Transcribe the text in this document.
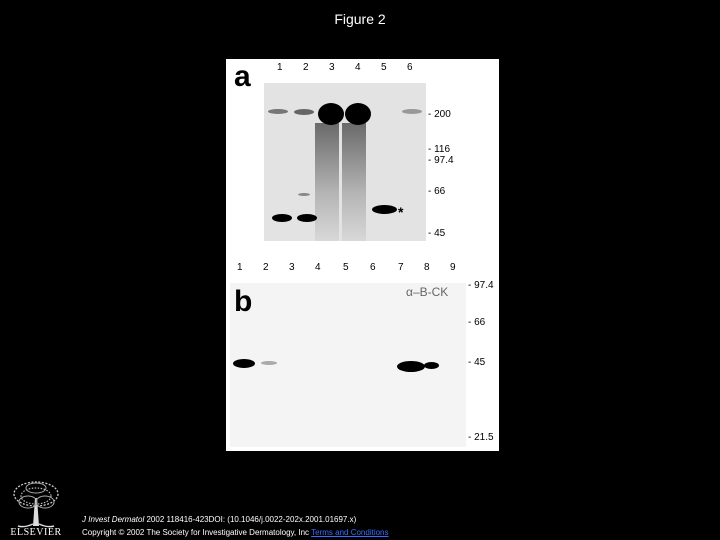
Figure 2
a	1 2 3 4 5 6
*
- 200
- 116
- 97.4
- 66
- 45
1 2 3 4 5 6 7 8 9
b	α–B-CK - 97.4
- 66
- 45
- 21.5
ELSEVIER
J Invest Dermatol 2002 118416-423DOI: (10.1046/j.0022-202x.2001.01697.x)
Copyright © 2002 The Society for Investigative Dermatology, Inc Terms and Conditions
